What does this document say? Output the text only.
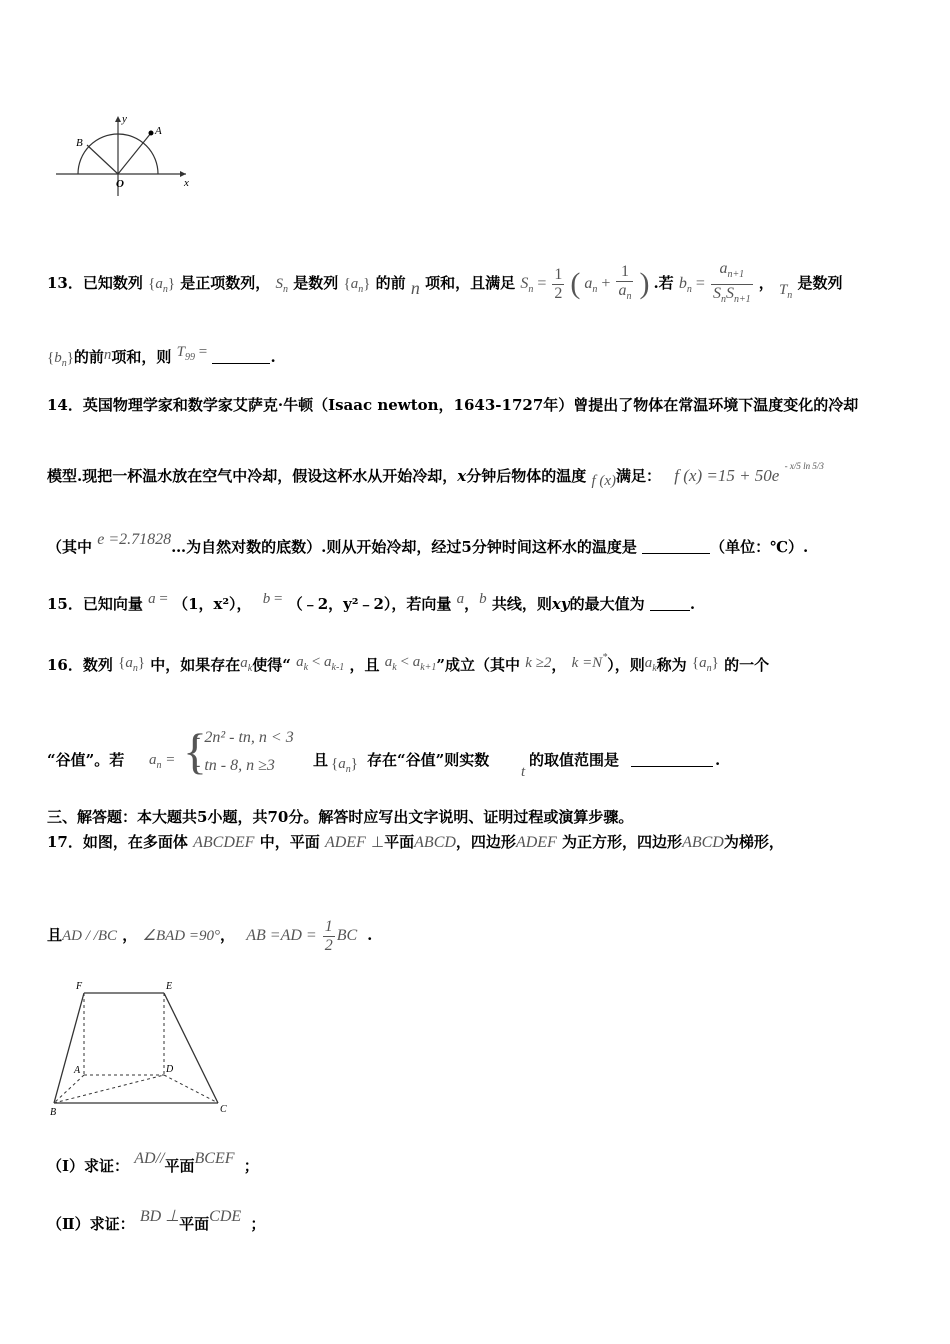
y
A
B
O	x
13．已知数列 $\{a_n\}$ 是正项数列， $S_n$ 是数列 $\{a_n\}$ 的前 n 项和，且满足 $S_n = \frac{1}{2}$ ( $a_n + \frac{1}{a_n}$ ) .若 $b_n = \frac{a_{n+1}}{S_nS_{n+1}}$ ， $T_n$ 是数列
$\{b_n\}$的前n项和，则 $T_{99}$ =	.
14．英国物理学家和数学家艾萨克·牛顿（Isaac newton，1643-1727年）曾提出了物体在常温环境下温度变化的冷却
模型.现把一杯温水放在空气中冷却，假设这杯水从开始冷却，x分钟后物体的温度 f (x)满足： f (x) =15 + 50e $^{- x/5 ln 5/3}$
（其中 e =2.71828…为自然对数的底数）.则从开始冷却，经过5分钟时间这杯水的温度是	（单位：℃）.
15．已知向量 a = （1，x²）， b = （﹣2，y²﹣2），若向量 a，b 共线，则xy的最大值为	.
16．数列 $\{a_n\}$ 中，如果存在$a_k$使得“ $a_k < a_{k-1}$ ，且 $a_k < a_{k+1}$”成立（其中 k ≥2， k =N*），则$a_k$称为 $\{a_n\}$ 的一个
“谷值”。若 $a_n$ = {
- 2n² - tn, n < 3
- tn - 8, n ≥3	且 $\{a_n\}$ 存在“谷值”则实数
t
的取值范围是	.
三、解答题：本大题共5小题，共70分。解答时应写出文字说明、证明过程或演算步骤。
17．如图，在多面体 ABCDEF 中，平面 ADEF ⊥平面ABCD，四边形ADEF 为正方形，四边形ABCD为梯形，
且AD / /BC ， ∠BAD =90°， AB $=AD = \frac{1}{2}$ BC .
F	E
A	D
B	C
（Ⅰ）求证： AD//平面BCEF ；
（Ⅱ）求证： BD ⊥平面CDE ；
